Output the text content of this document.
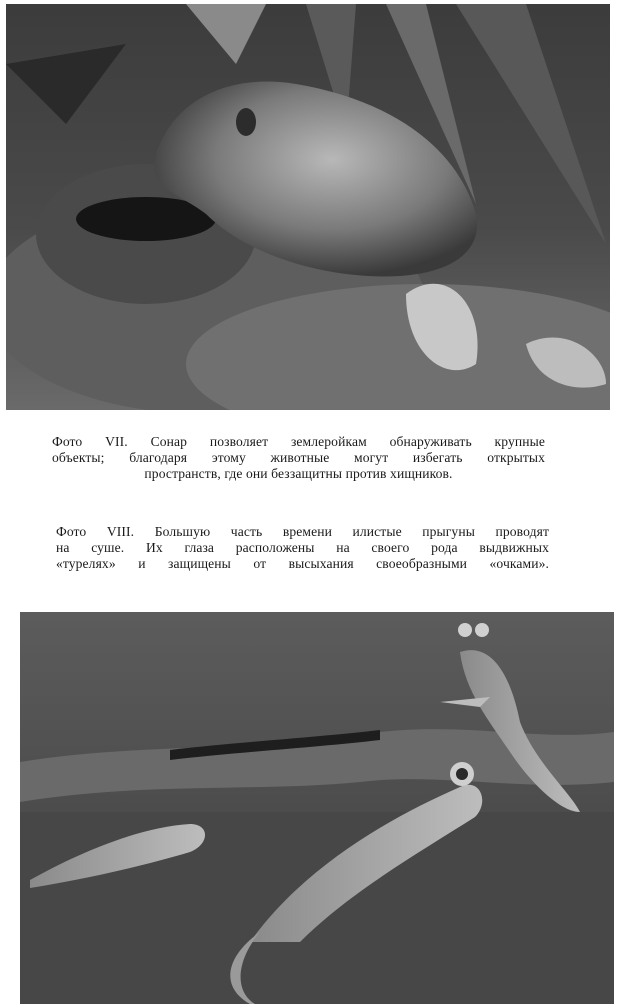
Фото VII. Сонар позволяет землеройкам обнаруживать крупные
объекты; благодаря этому животные могут избегать открытых
пространств, где они беззащитны против хищников.
Фото VIII. Большую часть времени илистые прыгуны проводят
на суше. Их глаза расположены на своего рода выдвижных
«турелях» и защищены от высыхания своеобразными «очками».
